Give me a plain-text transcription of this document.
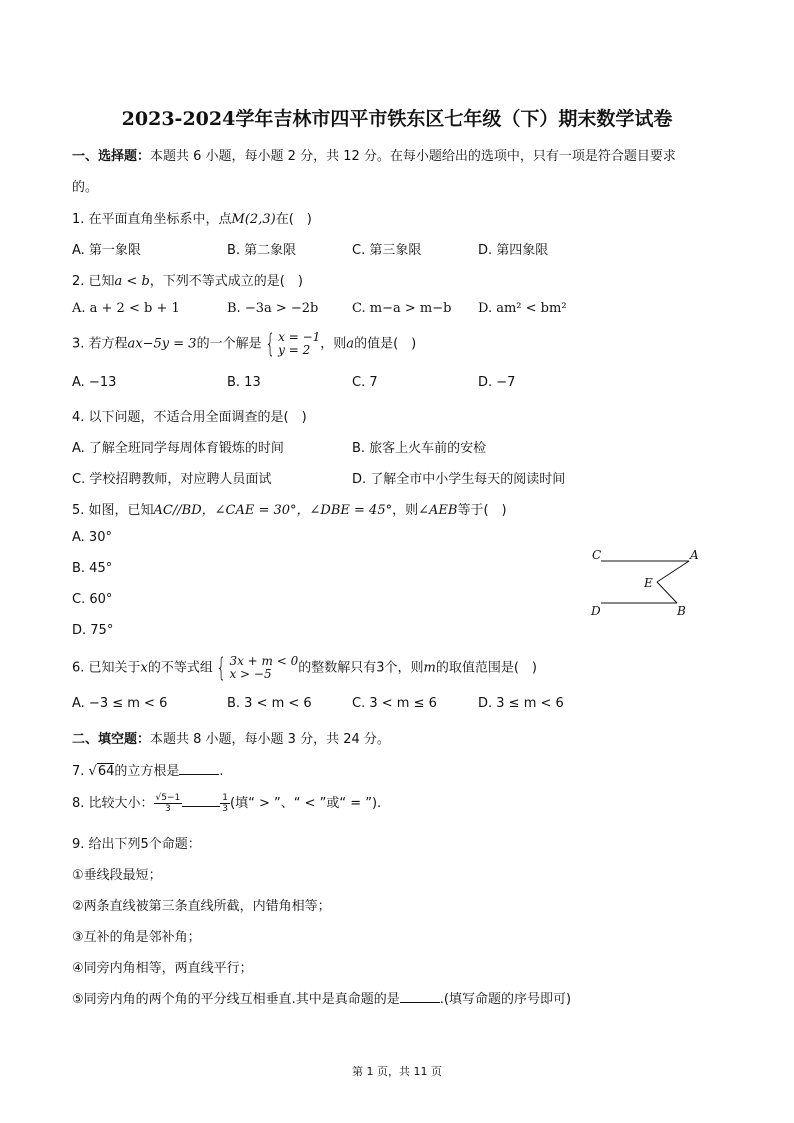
2023-2024学年吉林市四平市铁东区七年级（下）期末数学试卷
一、选择题：本题共 6 小题，每小题 2 分，共 12 分。在每小题给出的选项中，只有一项是符合题目要求
的。
1. 在平面直角坐标系中，点M(2,3)在(　)
A. 第一象限	B. 第二象限	C. 第三象限	D. 第四象限
2. 已知a < b，下列不等式成立的是(　)
A. a + 2 < b + 1	B. −3a > −2b	C. m−a > m−b D. am² < bm²
3. 若方程ax−5y = 3的一个解是 { x = −1
y = 2 ，则a的值是(　)
A. −13	B. 13	C. 7	D. −7
4. 以下问题，不适合用全面调查的是(　)
A. 了解全班同学每周体育锻炼的时间	B. 旅客上火车前的安检
C. 学校招聘教师，对应聘人员面试	D. 了解全市中小学生每天的阅读时间
5. 如图，已知AC//BD，∠CAE = 30°，∠DBE = 45°，则∠AEB等于(　)
A. 30°
B. 45°
C. 60°
D. 75°
C	A
E
D	B
6. 已知关于x的不等式组 { 3x + m < 0
x > −5	的整数解只有3个，则m的取值范围是(　)
A. −3 ≤ m < 6	B. 3 < m < 6	C. 3 < m ≤ 6	D. 3 ≤ m < 6
二、填空题：本题共 8 小题，每小题 3 分，共 24 分。
7. √64的立方根是	.
8. 比较大小： $\frac{√5-1}{3}$	$\frac{1}{3}$ (填“ > ”、“ < ”或“ = ”).
9. 给出下列5个命题：
①垂线段最短；
②两条直线被第三条直线所截，内错角相等；
③互补的角是邻补角；
④同旁内角相等，两直线平行；
⑤同旁内角的两个角的平分线互相垂直.其中是真命题的是	.(填写命题的序号即可)
第 1 页，共 11 页
